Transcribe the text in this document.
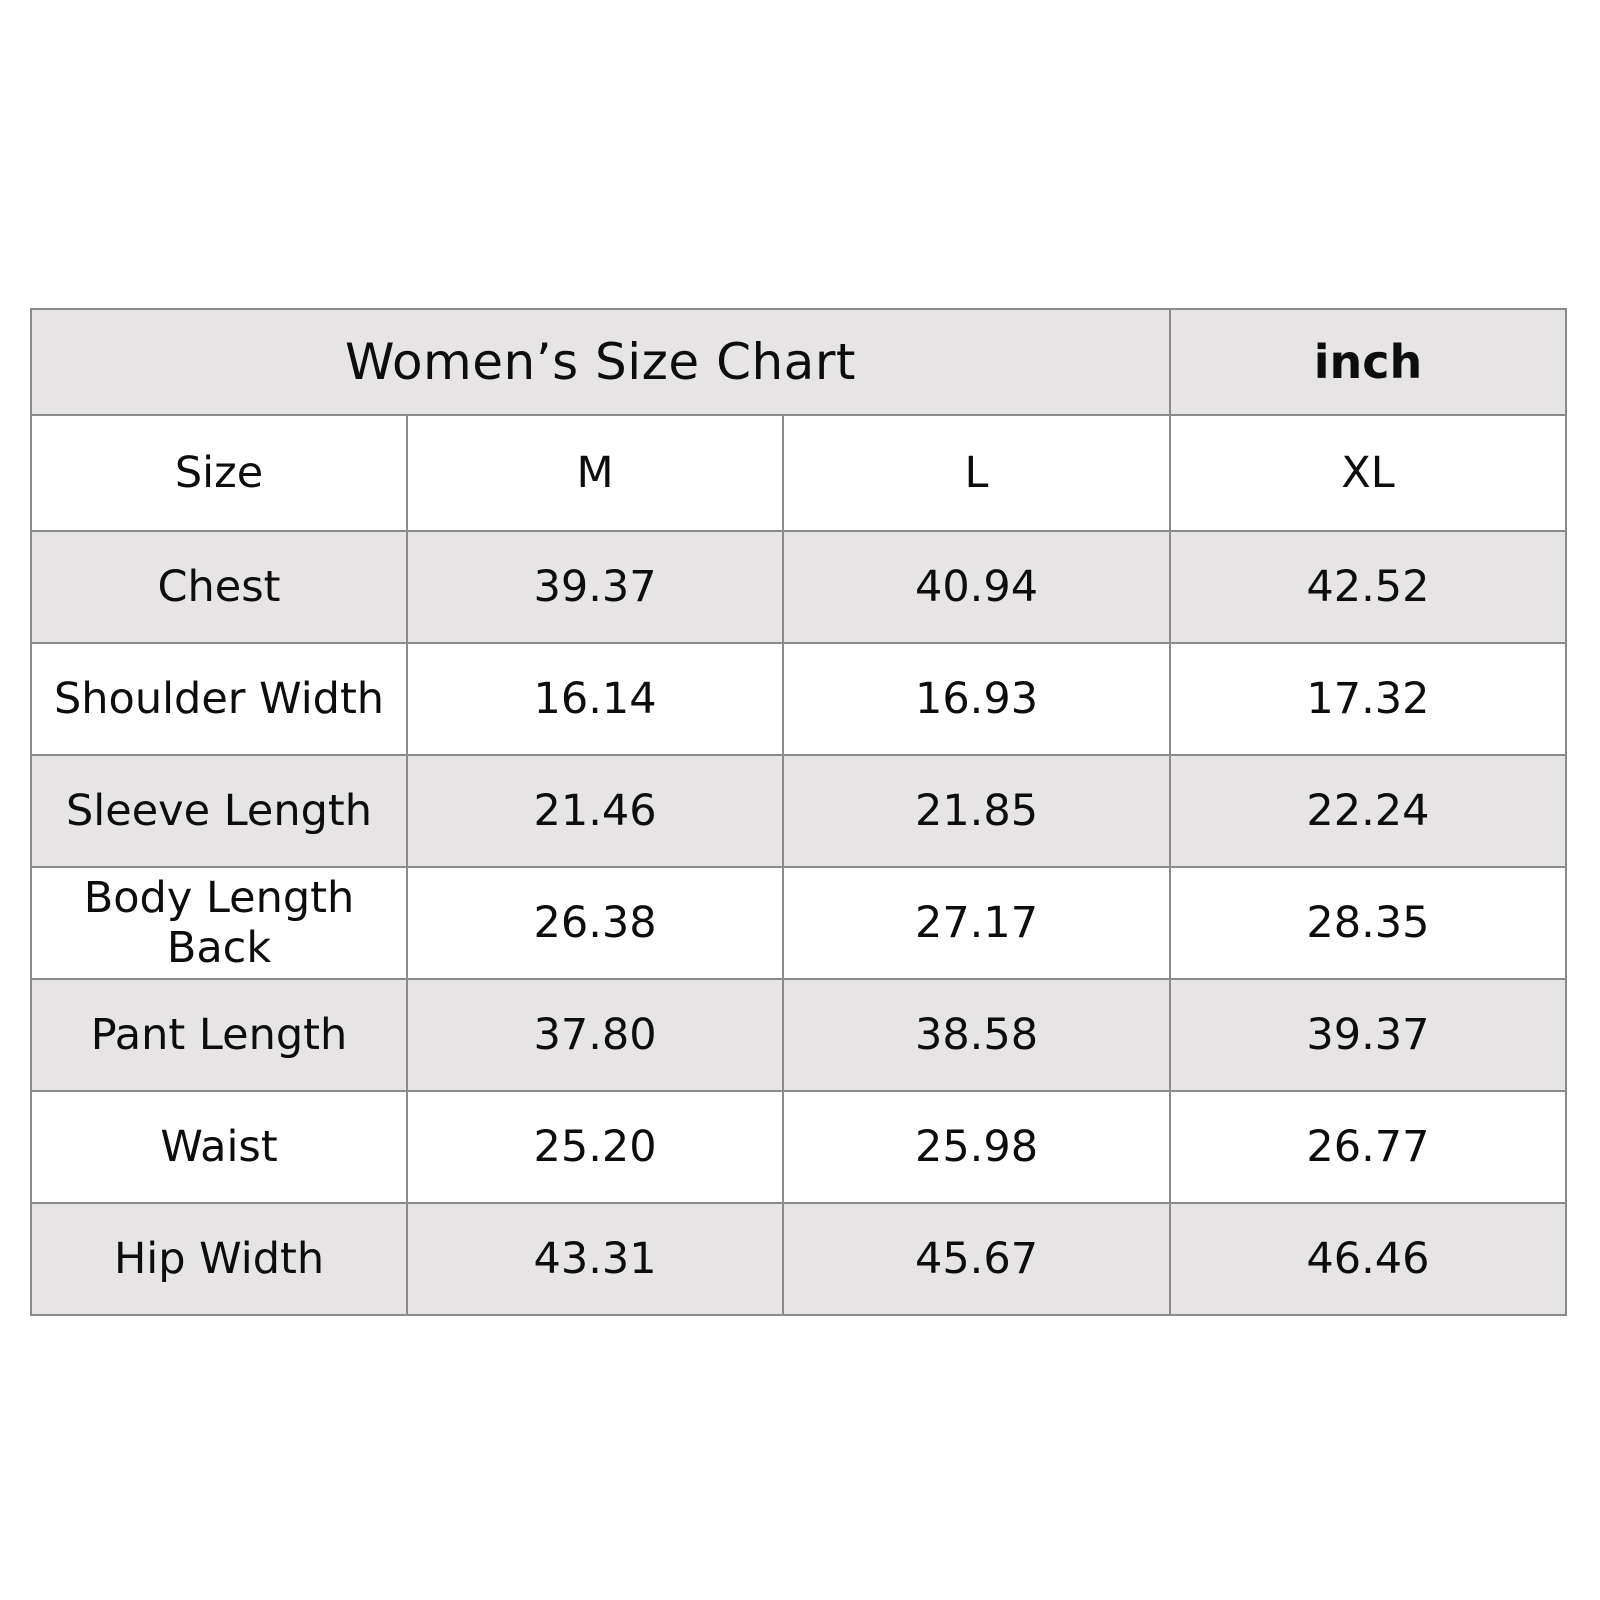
Women’s Size Chart			inch
Size	M	L	XL
Chest	39.37	40.94	42.52
Shoulder Width	16.14	16.93	17.32
Sleeve Length	21.46	21.85	22.24
Body Length Back	26.38	27.17	28.35
Pant Length	37.80	38.58	39.37
Waist	25.20	25.98	26.77
Hip Width	43.31	45.67	46.46
